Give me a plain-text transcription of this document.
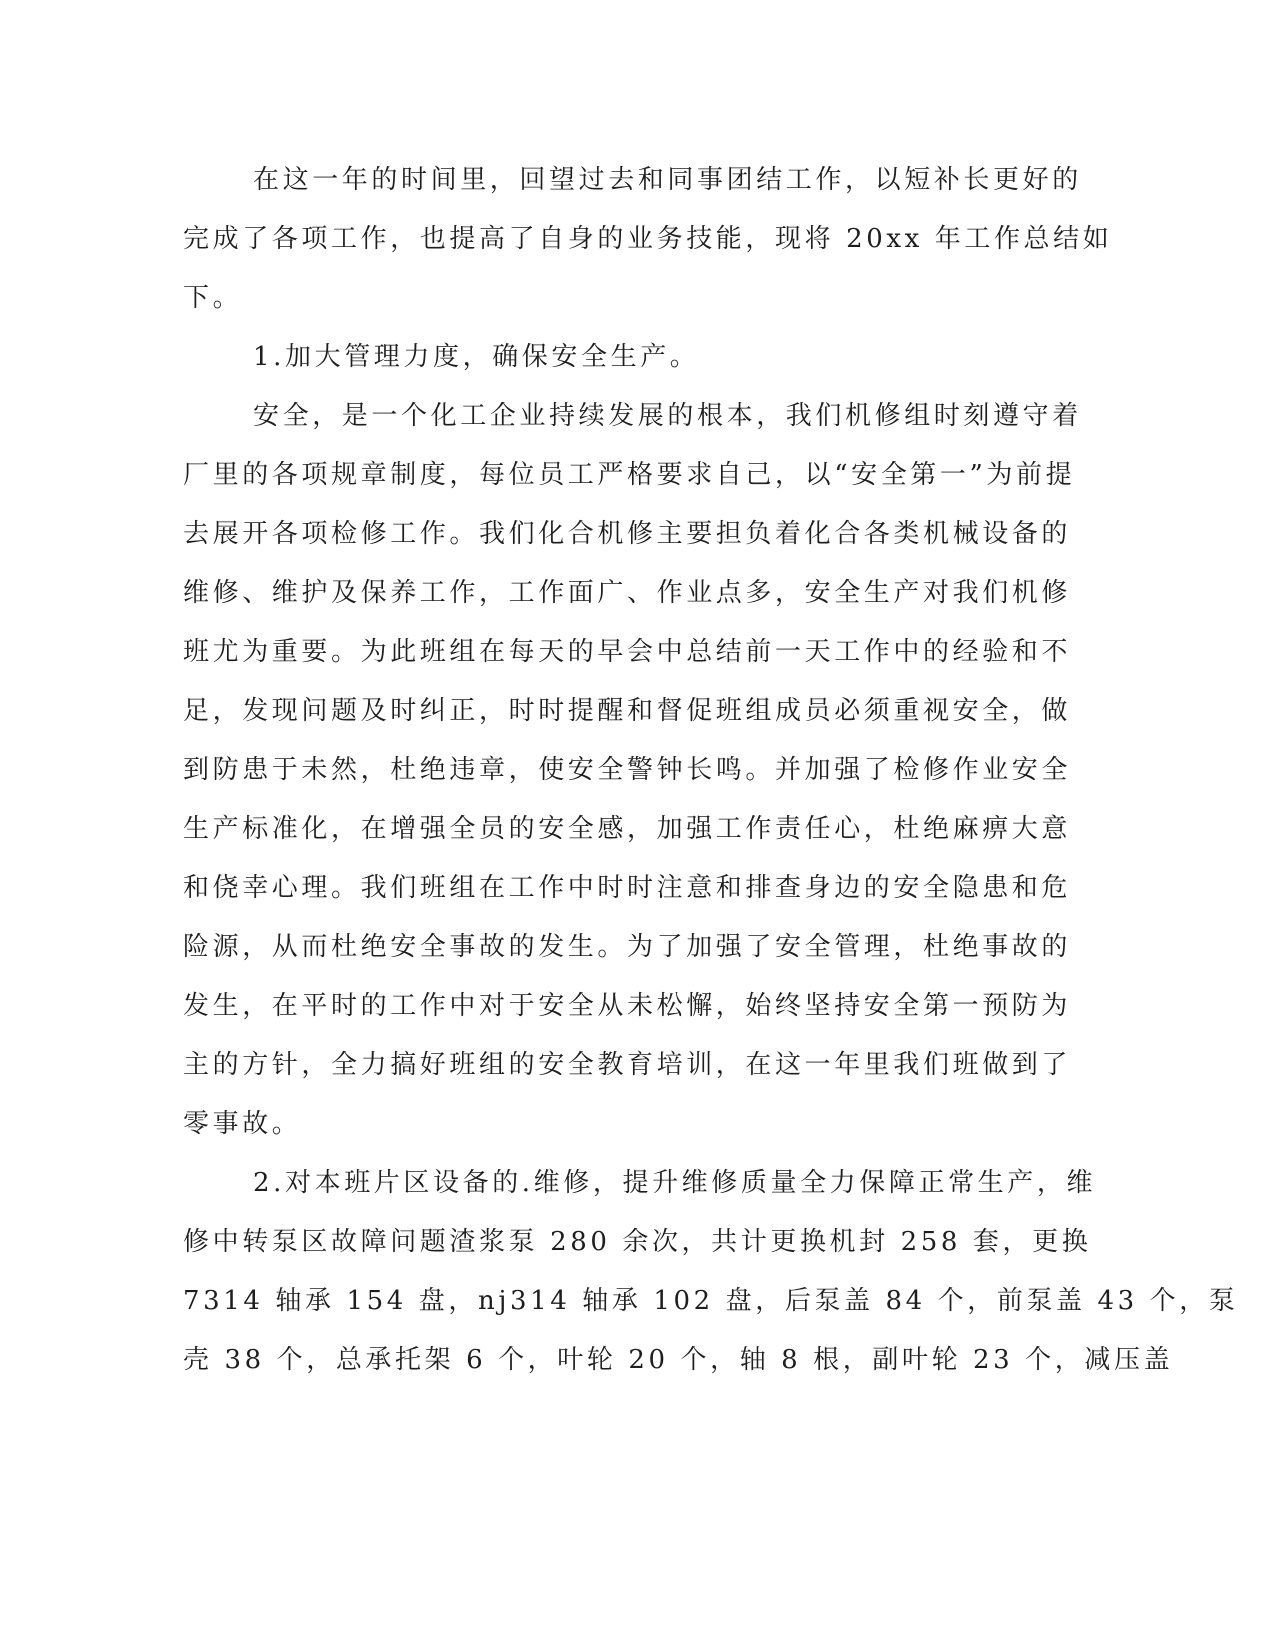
在这一年的时间里，回望过去和同事团结工作，以短补长更好的
完成了各项工作，也提高了自身的业务技能，现将 20xx 年工作总结如
下。
1.加大管理力度，确保安全生产。
安全，是一个化工企业持续发展的根本，我们机修组时刻遵守着
厂里的各项规章制度，每位员工严格要求自己，以“安全第一”为前提
去展开各项检修工作。我们化合机修主要担负着化合各类机械设备的
维修、维护及保养工作，工作面广、作业点多，安全生产对我们机修
班尤为重要。为此班组在每天的早会中总结前一天工作中的经验和不
足，发现问题及时纠正，时时提醒和督促班组成员必须重视安全，做
到防患于未然，杜绝违章，使安全警钟长鸣。并加强了检修作业安全
生产标准化，在增强全员的安全感，加强工作责任心，杜绝麻痹大意
和侥幸心理。我们班组在工作中时时注意和排查身边的安全隐患和危
险源，从而杜绝安全事故的发生。为了加强了安全管理，杜绝事故的
发生，在平时的工作中对于安全从未松懈，始终坚持安全第一预防为
主的方针，全力搞好班组的安全教育培训，在这一年里我们班做到了
零事故。
2.对本班片区设备的.维修，提升维修质量全力保障正常生产，维
修中转泵区故障问题渣浆泵 280 余次，共计更换机封 258 套，更换
7314 轴承 154 盘，nj314 轴承 102 盘，后泵盖 84 个，前泵盖 43 个，泵
壳 38 个，总承托架 6 个，叶轮 20 个，轴 8 根，副叶轮 23 个，减压盖
